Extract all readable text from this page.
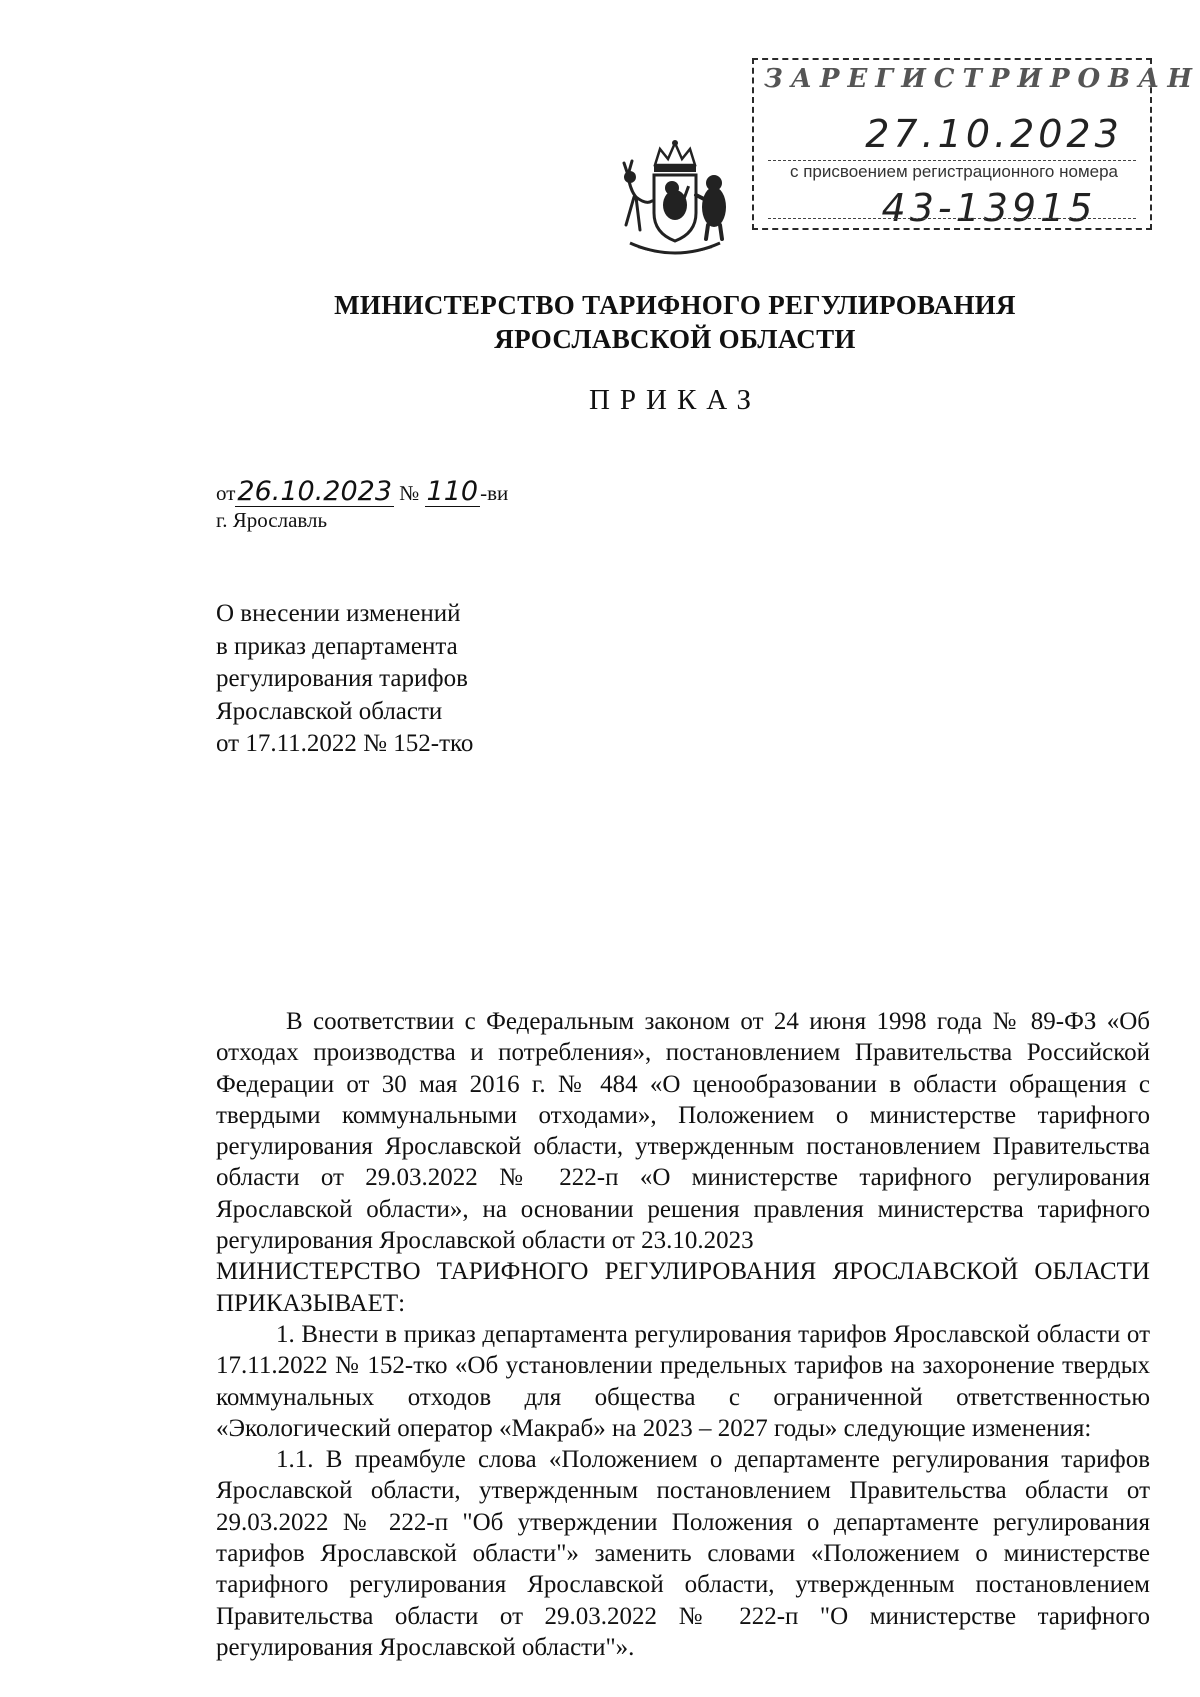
ЗАРЕГИСТРИРОВАН
27.10.2023
с присвоением регистрационного номера
43-13915
МИНИСТЕРСТВО ТАРИФНОГО РЕГУЛИРОВАНИЯ
ЯРОСЛАВСКОЙ ОБЛАСТИ
ПРИКАЗ
от26.10.2023 № 110-ви
г. Ярославль
О внесении изменений
в приказ департамента
регулирования тарифов
Ярославской области
от 17.11.2022 № 152-тко

В соответствии с Федеральным законом от 24 июня 1998 года № 89-ФЗ «Об отходах производства и потребления», постановлением Правительства Российской Федерации от 30 мая 2016 г. № 484 «О ценообразовании в области обращения с твердыми коммунальными отходами», Положением о министерстве тарифного регулирования Ярославской области, утвержденным постановлением Правительства области от 29.03.2022 № 222-п «О министерстве тарифного регулирования Ярославской области», на основании решения правления министерства тарифного регулирования Ярославской области от 23.10.2023

МИНИСТЕРСТВО ТАРИФНОГО РЕГУЛИРОВАНИЯ ЯРОСЛАВСКОЙ ОБЛАСТИ ПРИКАЗЫВАЕТ:

1. Внести в приказ департамента регулирования тарифов Ярославской области от 17.11.2022 № 152-тко «Об установлении предельных тарифов на захоронение твердых коммунальных отходов для общества с ограниченной ответственностью «Экологический оператор «Макраб» на 2023 – 2027 годы» следующие изменения:

1.1. В преамбуле слова «Положением о департаменте регулирования тарифов Ярославской области, утвержденным постановлением Правительства области от 29.03.2022 № 222-п "Об утверждении Положения о департаменте регулирования тарифов Ярославской области"» заменить словами «Положением о министерстве тарифного регулирования Ярославской области, утвержденным постановлением Правительства области от 29.03.2022 № 222-п "О министерстве тарифного регулирования Ярославской области"».
